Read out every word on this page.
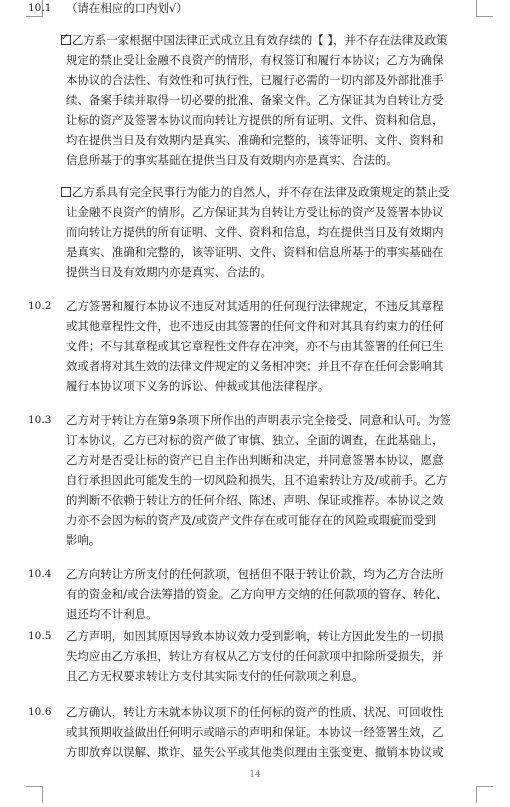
10.1 （请在相应的口内划√）
✓乙方系一家根据中国法律正式成立且有效存续的【 】，并不存在法律及政策
规定的禁止受让金融不良资产的情形，有权签订和履行本协议；乙方为确保
本协议的合法性、有效性和可执行性，已履行必需的一切内部及外部批准手
续、备案手续并取得一切必要的批准、备案文件。乙方保证其为自转让方受
让标的资产及签署本协议而向转让方提供的所有证明、文件、资料和信息，
均在提供当日及有效期内是真实、准确和完整的，该等证明、文件、资料和
信息所基于的事实基础在提供当日及有效期内亦是真实、合法的。
乙方系具有完全民事行为能力的自然人，并不存在法律及政策规定的禁止受
让金融不良资产的情形。乙方保证其为自转让方受让标的资产及签署本协议
而向转让方提供的所有证明、文件、资料和信息，均在提供当日及有效期内
是真实、准确和完整的，该等证明、文件、资料和信息所基于的事实基础在
提供当日及有效期内亦是真实、合法的。
10.2 乙方签署和履行本协议不违反对其适用的任何现行法律规定，不违反其章程
或其他章程性文件，也不违反由其签署的任何文件和对其具有约束力的任何
文件；不与其章程或其它章程性文件存在冲突，亦不与由其签署的任何已生
效或者将对其生效的法律文件规定的义务相冲突；并且不存在任何会影响其
履行本协议项下义务的诉讼、仲裁或其他法律程序。
10.3 乙方对于转让方在第9条项下所作出的声明表示完全接受、同意和认可。为签
订本协议，乙方已对标的资产做了审慎、独立、全面的调查，在此基础上，
乙方对是否受让标的资产已自主作出判断和决定，并同意签署本协议，愿意
自行承担因此可能发生的一切风险和损失，且不追索转让方及/或前手。乙方
的判断不依赖于转让方的任何介绍、陈述、声明、保证或推荐。本协议之效
力亦不会因为标的资产及/或资产文件存在或可能存在的风险或瑕疵而受到
影响。
10.4 乙方向转让方所支付的任何款项，包括但不限于转让价款，均为乙方合法所
有的资金和/或合法筹措的资金。乙方向甲方交纳的任何款项的管存、转化、
退还均不计利息。
10.5 乙方声明，如因其原因导致本协议效力受到影响，转让方因此发生的一切损
失均应由乙方承担，转让方有权从乙方支付的任何款项中扣除所受损失，并
且乙方无权要求转让方支付其实际支付的任何款项之利息。
10.6 乙方确认，转让方未就本协议项下的任何标的资产的性质、状况、可回收性
或其预期收益做出任何明示或暗示的声明和保证。本协议一经签署生效，乙
方即放弃以误解、欺诈、显失公平或其他类似理由主张变更、撤销本协议或
14
